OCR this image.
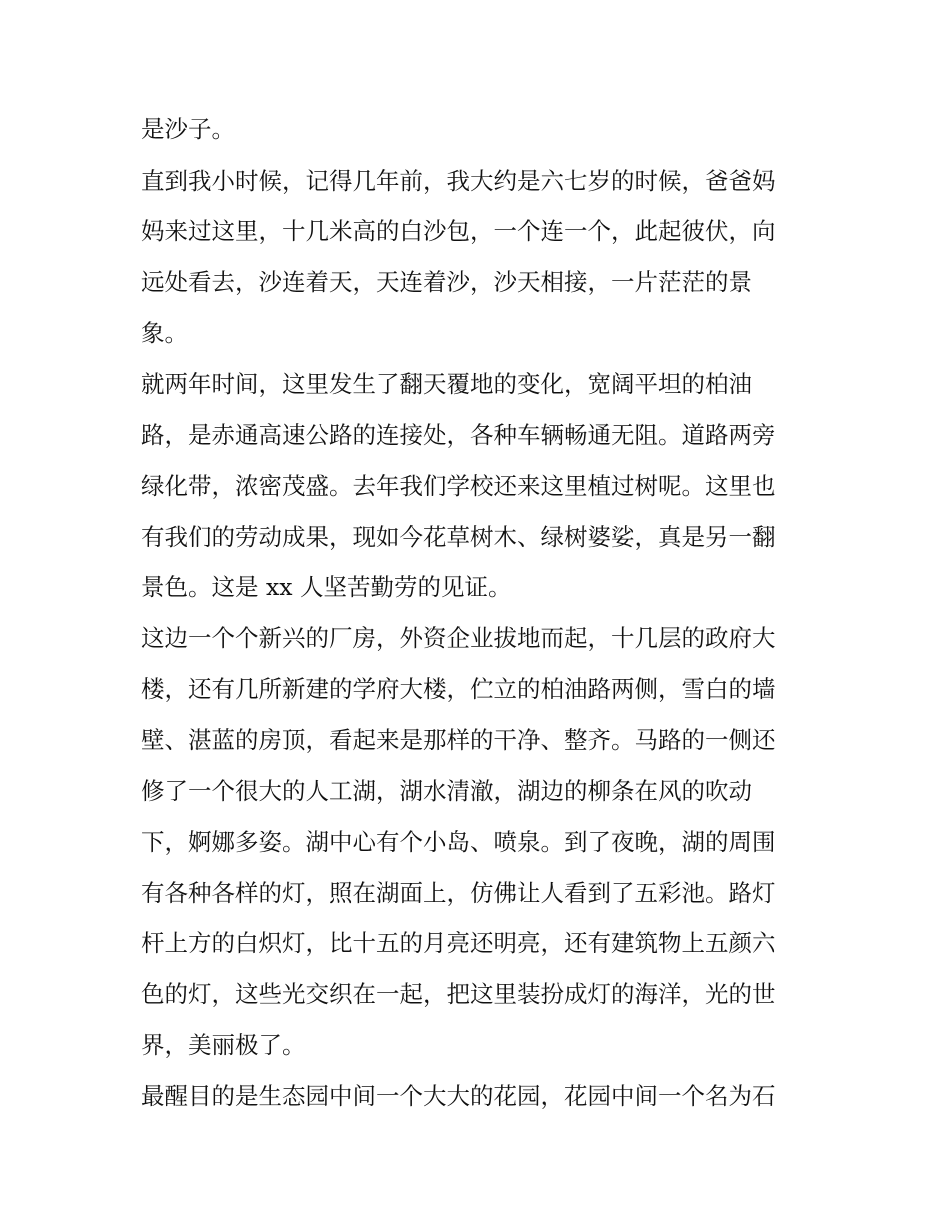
是沙子。
直到我小时候，记得几年前，我大约是六七岁的时候，爸爸妈
妈来过这里，十几米高的白沙包，一个连一个，此起彼伏，向
远处看去，沙连着天，天连着沙，沙天相接，一片茫茫的景
象。
就两年时间，这里发生了翻天覆地的变化，宽阔平坦的柏油
路，是赤通高速公路的连接处，各种车辆畅通无阻。道路两旁
绿化带，浓密茂盛。去年我们学校还来这里植过树呢。这里也
有我们的劳动成果，现如今花草树木、绿树婆娑，真是另一翻
景色。这是 xx 人坚苦勤劳的见证。
这边一个个新兴的厂房，外资企业拔地而起，十几层的政府大
楼，还有几所新建的学府大楼，伫立的柏油路两侧，雪白的墙
壁、湛蓝的房顶，看起来是那样的干净、整齐。马路的一侧还
修了一个很大的人工湖，湖水清澈，湖边的柳条在风的吹动
下，婀娜多姿。湖中心有个小岛、喷泉。到了夜晚，湖的周围
有各种各样的灯，照在湖面上，仿佛让人看到了五彩池。路灯
杆上方的白炽灯，比十五的月亮还明亮，还有建筑物上五颜六
色的灯，这些光交织在一起，把这里装扮成灯的海洋，光的世
界，美丽极了。
最醒目的是生态园中间一个大大的花园，花园中间一个名为石
